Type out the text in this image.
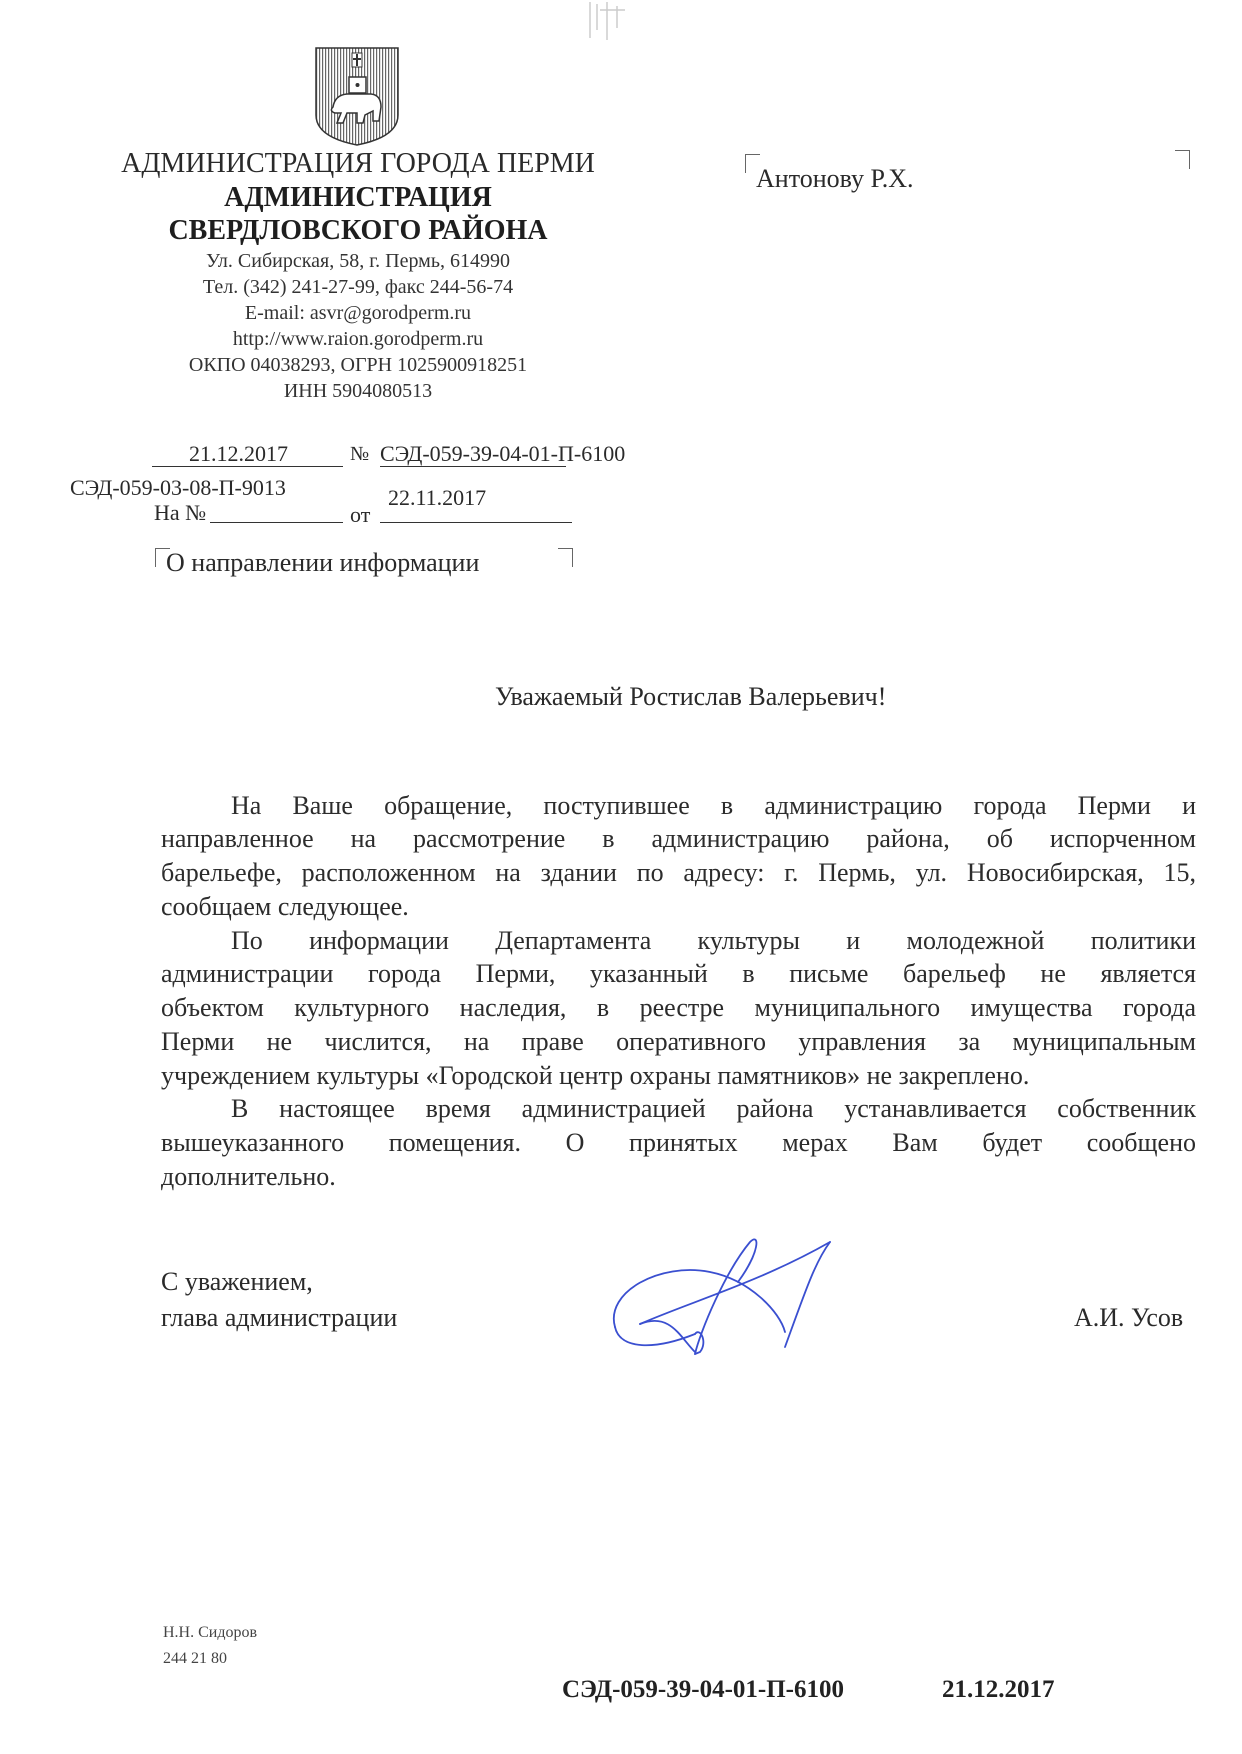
АДМИНИСТРАЦИЯ ГОРОДА ПЕРМИ
АДМИНИСТРАЦИЯ
СВЕРДЛОВСКОГО РАЙОНА
Ул. Сибирская, 58, г. Пермь, 614990
Тел. (342) 241-27-99, факс 244-56-74
E-mail: asvr@gorodperm.ru
http://www.raion.gorodperm.ru
ОКПО 04038293, ОГРН 1025900918251
ИНН 5904080513
21.12.2017	№ СЭД-059-39-04-01-П-6100
СЭД-059-03-08-П-9013
На №	от
22.11.2017
О направлении информации
Антонову Р.Х.
Уважаемый Ростислав Валерьевич!
На Ваше обращение, поступившее в администрацию города Перми и
направленное на рассмотрение в администрацию района, об испорченном
барельефе, расположенном на здании по адресу: г. Пермь, ул. Новосибирская, 15,
сообщаем следующее.
По информации Департамента культуры и молодежной политики
администрации города Перми, указанный в письме барельеф не является
объектом культурного наследия, в реестре муниципального имущества города
Перми не числится, на праве оперативного управления за муниципальным
учреждением культуры «Городской центр охраны памятников» не закреплено.
В настоящее время администрацией района устанавливается собственник
вышеуказанного помещения. О принятых мерах Вам будет сообщено
дополнительно.
С уважением,
глава администрации	А.И. Усов
Н.Н. Сидоров
244 21 80
СЭД-059-39-04-01-П-6100	21.12.2017
